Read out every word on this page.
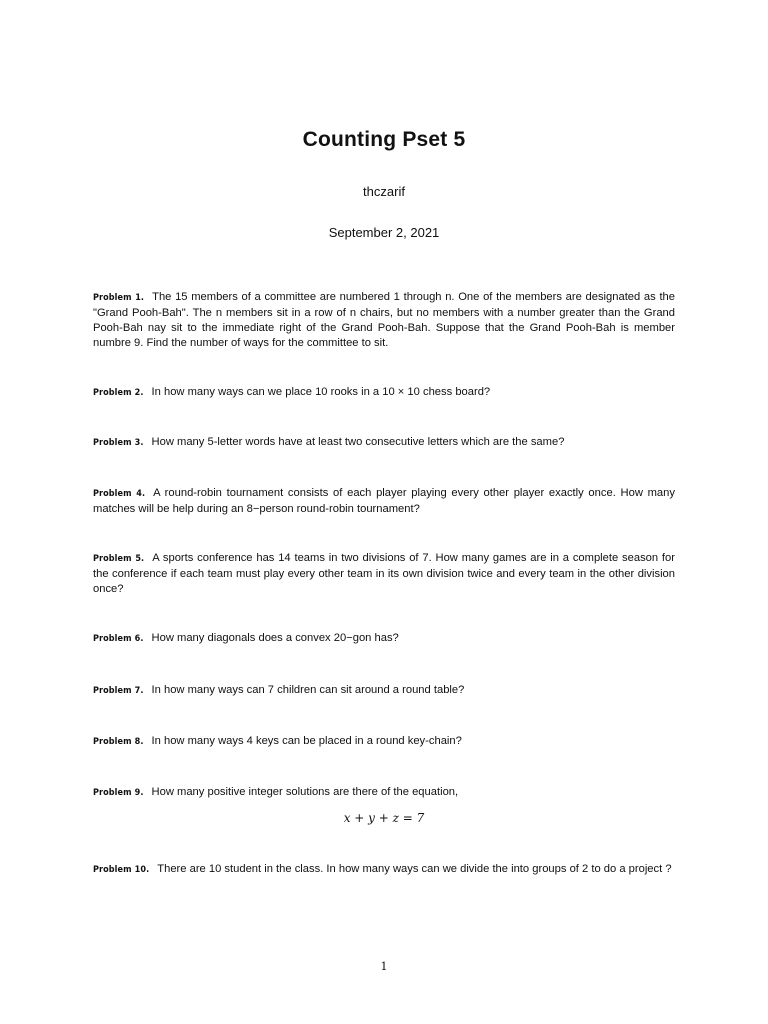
Counting Pset 5
thczarif
September 2, 2021
Problem 1. The 15 members of a committee are numbered 1 through n. One of the members are designated as the "Grand Pooh-Bah". The n members sit in a row of n chairs, but no members with a number greater than the Grand Pooh-Bah nay sit to the immediate right of the Grand Pooh-Bah. Suppose that the Grand Pooh-Bah is member numbre 9. Find the number of ways for the committee to sit.
Problem 2. In how many ways can we place 10 rooks in a 10 × 10 chess board?
Problem 3. How many 5-letter words have at least two consecutive letters which are the same?
Problem 4. A round-robin tournament consists of each player playing every other player exactly once. How many matches will be help during an 8−person round-robin tournament?
Problem 5. A sports conference has 14 teams in two divisions of 7. How many games are in a complete season for the conference if each team must play every other team in its own division twice and every team in the other division once?
Problem 6. How many diagonals does a convex 20−gon has?
Problem 7. In how many ways can 7 children can sit around a round table?
Problem 8. In how many ways 4 keys can be placed in a round key-chain?
Problem 9. How many positive integer solutions are there of the equation,
x + y + z = 7
Problem 10. There are 10 student in the class. In how many ways can we divide the into groups of 2 to do a project ?
1
